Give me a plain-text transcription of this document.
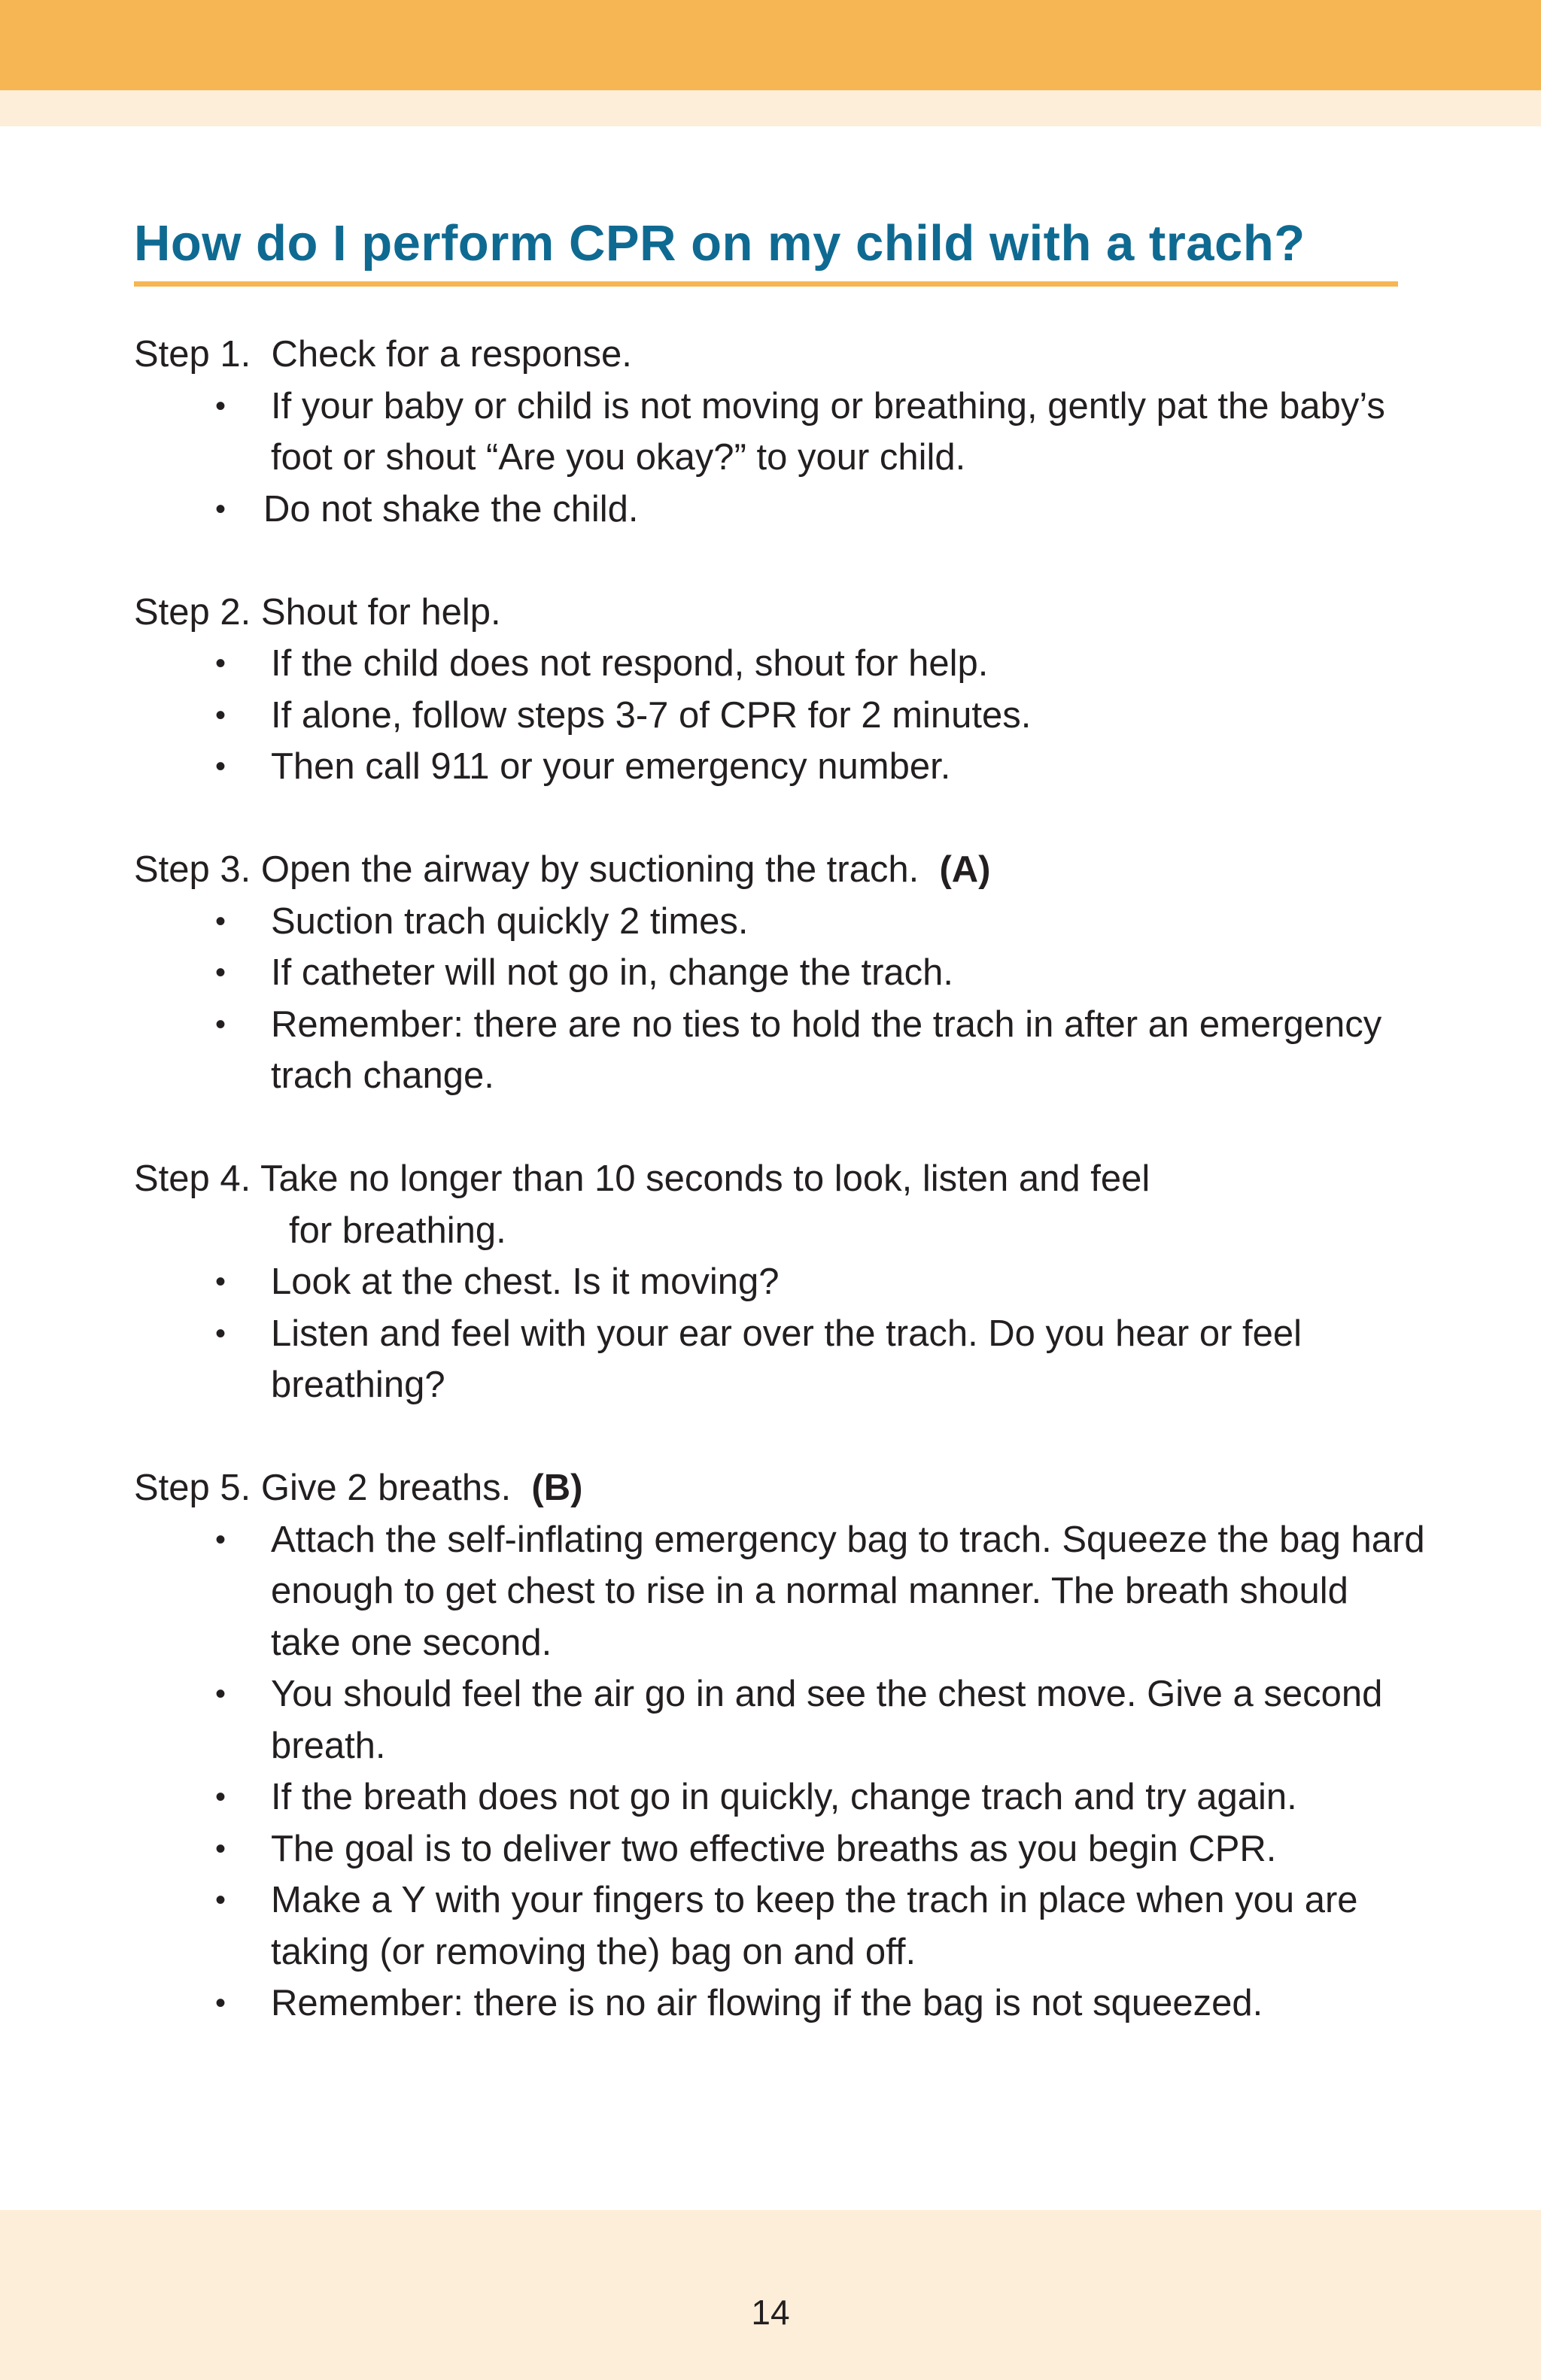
How do I perform CPR on my child with a trach?
Step 1. Check for a response.
• If your baby or child is not moving or breathing, gently pat the baby’s foot or shout “Are you okay?” to your child.
• Do not shake the child.
Step 2. Shout for help.
• If the child does not respond, shout for help.
• If alone, follow steps 3-7 of CPR for 2 minutes.
• Then call 911 or your emergency number.
Step 3. Open the airway by suctioning the trach. (A)
• Suction trach quickly 2 times.
• If catheter will not go in, change the trach.
• Remember: there are no ties to hold the trach in after an emergency trach change.
Step 4. Take no longer than 10 seconds to look, listen and feel
for breathing.
• Look at the chest. Is it moving?
• Listen and feel with your ear over the trach. Do you hear or feel breathing?
Step 5. Give 2 breaths. (B)
• Attach the self-inflating emergency bag to trach. Squeeze the bag hard enough to get chest to rise in a normal manner. The breath should take one second.
• You should feel the air go in and see the chest move. Give a second breath.
• If the breath does not go in quickly, change trach and try again.
• The goal is to deliver two effective breaths as you begin CPR.
• Make a Y with your fingers to keep the trach in place when you are taking (or removing the) bag on and off.
• Remember: there is no air flowing if the bag is not squeezed.
14
